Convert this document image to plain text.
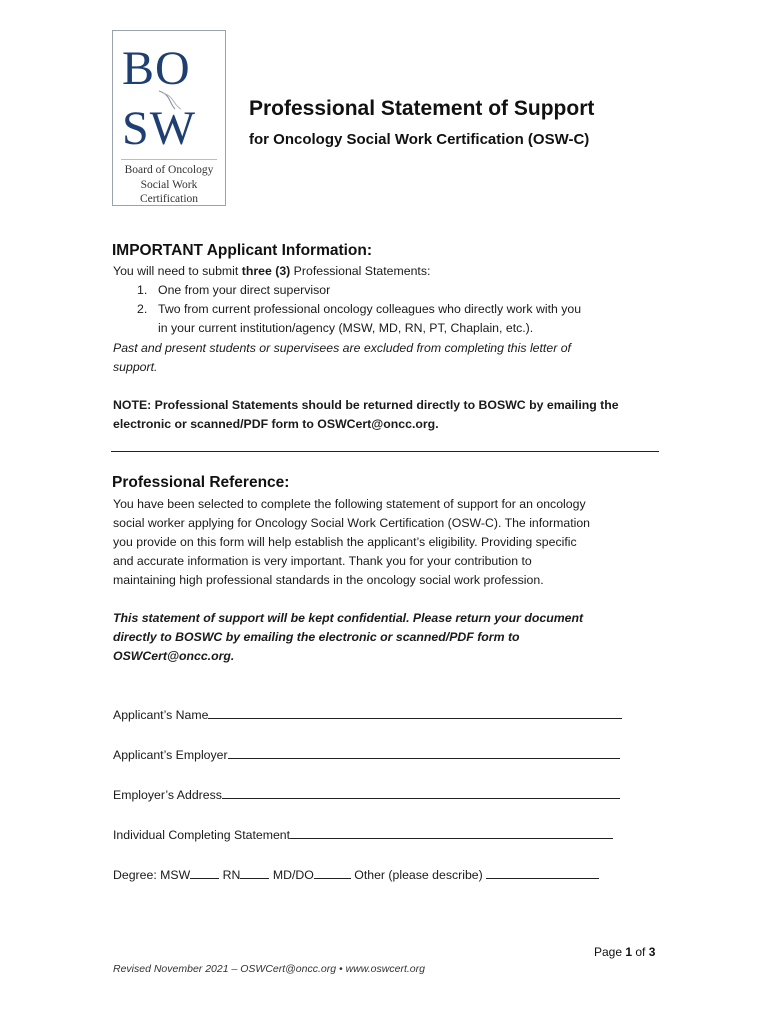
BO
SW
Board of Oncology
Social Work
Certification
Professional Statement of Support
for Oncology Social Work Certification (OSW-C)
IMPORTANT Applicant Information:
You will need to submit three (3) Professional Statements:
1. One from your direct supervisor
2. Two from current professional oncology colleagues who directly work with you
in your current institution/agency (MSW, MD, RN, PT, Chaplain, etc.).
Past and present students or supervisees are excluded from completing this letter of
support.
NOTE: Professional Statements should be returned directly to BOSWC by emailing the
electronic or scanned/PDF form to OSWCert@oncc.org.
Professional Reference:
You have been selected to complete the following statement of support for an oncology
social worker applying for Oncology Social Work Certification (OSW-C). The information
you provide on this form will help establish the applicant’s eligibility. Providing specific
and accurate information is very important. Thank you for your contribution to
maintaining high professional standards in the oncology social work profession.
This statement of support will be kept confidential. Please return your document
directly to BOSWC by emailing the electronic or scanned/PDF form to
OSWCert@oncc.org.
Applicant’s Name
Applicant’s Employer
Employer’s Address
Individual Completing Statement
Degree: MSW	RN	MD/DO	Other (please describe)
Page 1 of 3
Revised November 2021 – OSWCert@oncc.org • www.oswcert.org
